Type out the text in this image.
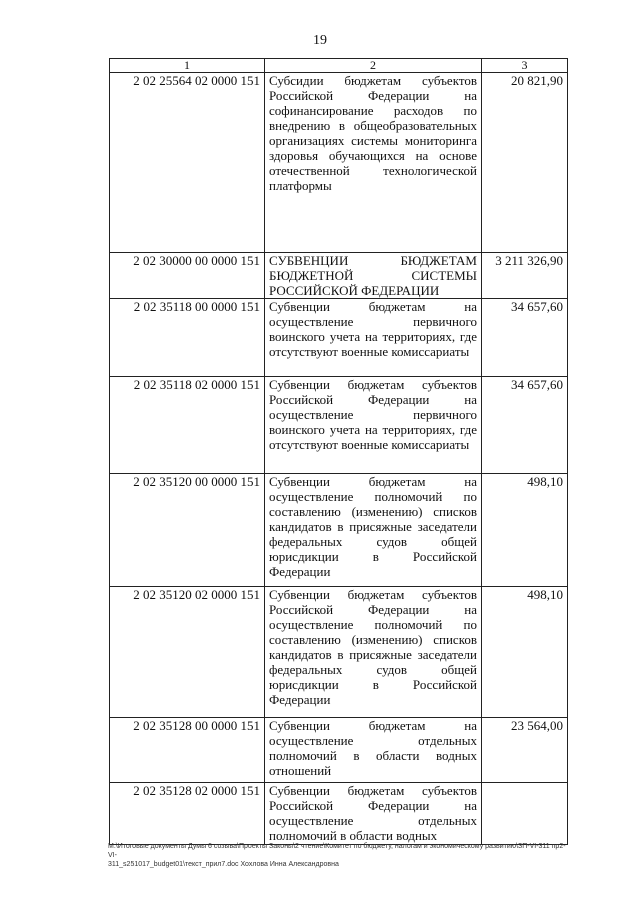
19
1	2	3
2 02 25564 02 0000 151	Субсидии бюджетам субъектов Российской Федерации на софинансирование расходов по внедрению в общеобразовательных организациях системы мониторинга здоровья обучающихся на основе отечественной технологической платформы	20 821,90
2 02 30000 00 0000 151	СУБВЕНЦИИ БЮДЖЕТАМ БЮДЖЕТНОЙ СИСТЕМЫ РОССИЙСКОЙ ФЕДЕРАЦИИ	3 211 326,90
2 02 35118 00 0000 151	Субвенции бюджетам на осуществление первичного воинского учета на территориях, где отсутствуют военные комиссариаты	34 657,60
2 02 35118 02 0000 151	Субвенции бюджетам субъектов Российской Федерации на осуществление первичного воинского учета на территориях, где отсутствуют военные комиссариаты	34 657,60
2 02 35120 00 0000 151	Субвенции бюджетам на осуществление полномочий по составлению (изменению) списков кандидатов в присяжные заседатели федеральных судов общей юрисдикции в Российской Федерации	498,10
2 02 35120 02 0000 151	Субвенции бюджетам субъектов Российской Федерации на осуществление полномочий по составлению (изменению) списков кандидатов в присяжные заседатели федеральных судов общей юрисдикции в Российской Федерации	498,10
2 02 35128 00 0000 151	Субвенции бюджетам на осуществление отдельных полномочий в области водных отношений	23 564,00
2 02 35128 02 0000 151	Субвенции бюджетам субъектов Российской Федерации на осуществление отдельных полномочий в области водных	
M:\Итоговые документы Думы 6 созыва\Проекты Законы\2 чтение\Комитет по бюджету, налогам и экономическому развитию\ЗП-VI-311 пр2-VI-
311_s251017_budget01\текст_прил7.doc Хохлова Инна Александровна
